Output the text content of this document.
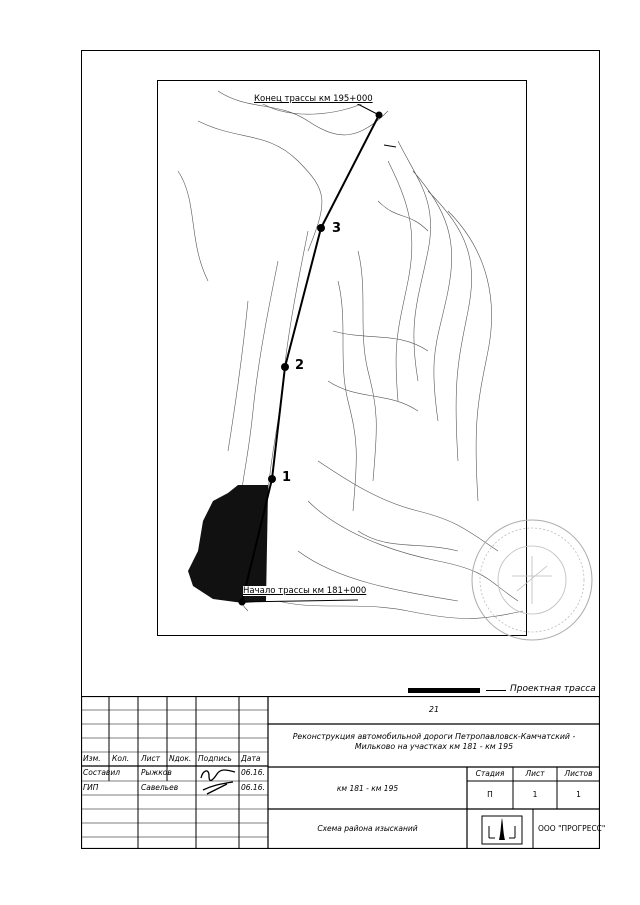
Конец трассы км 195+000
Начало трассы км 181+000
1
2
3
Проектная трасса
21
Реконструкция автомобильной дороги Петропавловск-Камчатский - Мильково на участках км 181 - км 195
Изм. Кол. Лист Nдок. Подпись Дата
Составил	Рыжков	06.16.
ГИП	Савельев	06.16.	км 181 - км 195
Стадия	Лист	Листов
П	1	1
Схема района изысканий	ООО "ПРОГРЕСС"
